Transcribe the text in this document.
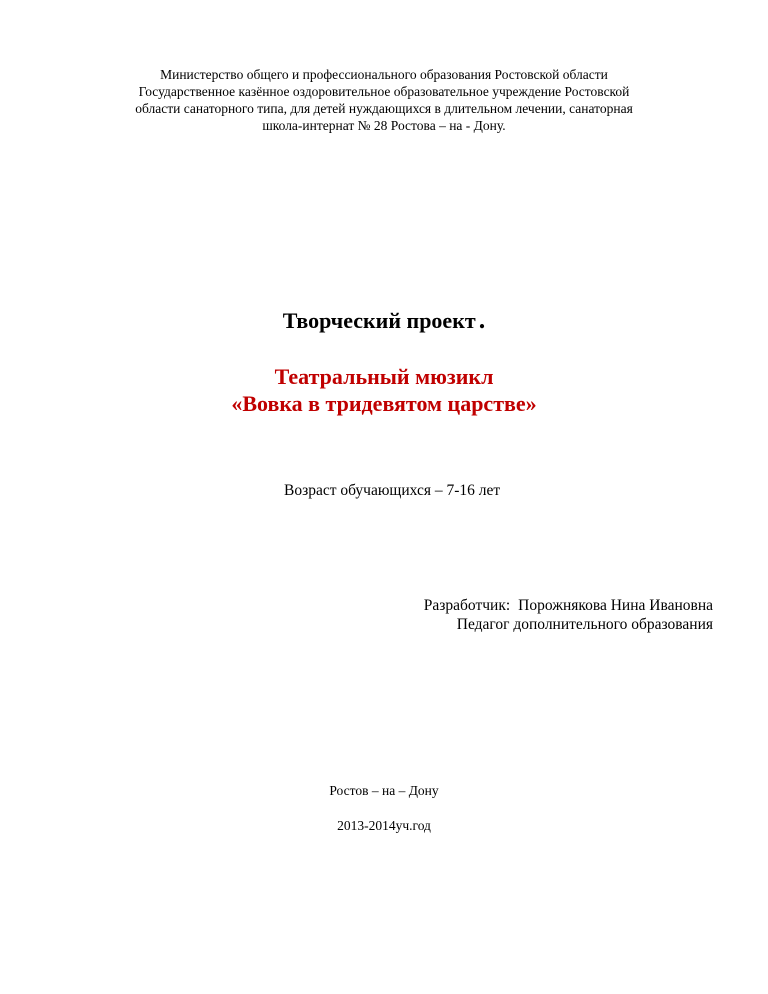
Министерство общего и профессионального образования Ростовской области
Государственное казённое оздоровительное образовательное учреждение Ростовской
области санаторного типа, для детей нуждающихся в длительном лечении, санаторная
школа-интернат № 28 Ростова – на - Дону.
Творческий проект .
Театральный мюзикл
«Вовка в тридевятом царстве»
Возраст обучающихся – 7-16 лет
Разработчик: Порожнякова Нина Ивановна
Педагог дополнительного образования
Ростов – на – Дону
2013-2014уч.год
